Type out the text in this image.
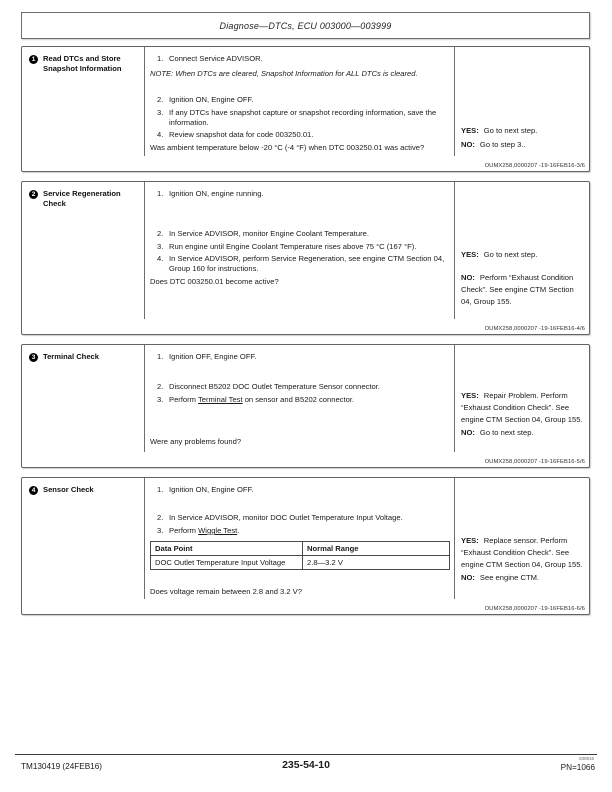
Diagnose—DTCs, ECU 003000—003999
1	Read DTCs and Store Snapshot Information
1. Connect Service ADVISOR.
NOTE: When DTCs are cleared, Snapshot Information for ALL DTCs is cleared.
2. Ignition ON, Engine OFF.
3. If any DTCs have snapshot capture or snapshot recording information, save the information.
4. Review snapshot data for code 003250.01.
Was ambient temperature below -20 °C (-4 °F) when DTC 003250.01 was active?
YES: Go to next step.
NO: Go to step 3..
OUMX258,0000207 -19-16FEB16-3/6
2	Service Regeneration Check
1. Ignition ON, engine running.
2. In Service ADVISOR, monitor Engine Coolant Temperature.
3. Run engine until Engine Coolant Temperature rises above 75 °C (167 °F).
4. In Service ADVISOR, perform Service Regeneration, see engine CTM Section 04, Group 160 for instructions.
Does DTC 003250.01 become active?
YES: Go to next step.
NO: Perform “Exhaust Condition Check”. See engine CTM Section 04, Group 155.
OUMX258,0000207 -19-16FEB16-4/6
3	Terminal Check	1. Ignition OFF, Engine OFF.
2. Disconnect B5202 DOC Outlet Temperature Sensor connector.
3. Perform Terminal Test on sensor and B5202 connector.
Were any problems found?
YES: Repair Problem. Perform “Exhaust Condition Check”. See engine CTM Section 04, Group 155.
NO: Go to next step.
OUMX258,0000207 -19-16FEB16-5/6
4	Sensor Check	1. Ignition ON, Engine OFF.
2. In Service ADVISOR, monitor DOC Outlet Temperature Input Voltage.
3. Perform Wiggle Test.
Data Point	Normal Range
DOC Outlet Temperature Input Voltage	2.8—3.2 V
Does voltage remain between 2.8 and 3.2 V?
YES: Replace sensor. Perform “Exhaust Condition Check”. See engine CTM Section 04, Group 155.
NO: See engine CTM.
OUMX258,0000207 -19-16FEB16-6/6
TM130419 (24FEB16)	235-54-10
030916
PN=1066
